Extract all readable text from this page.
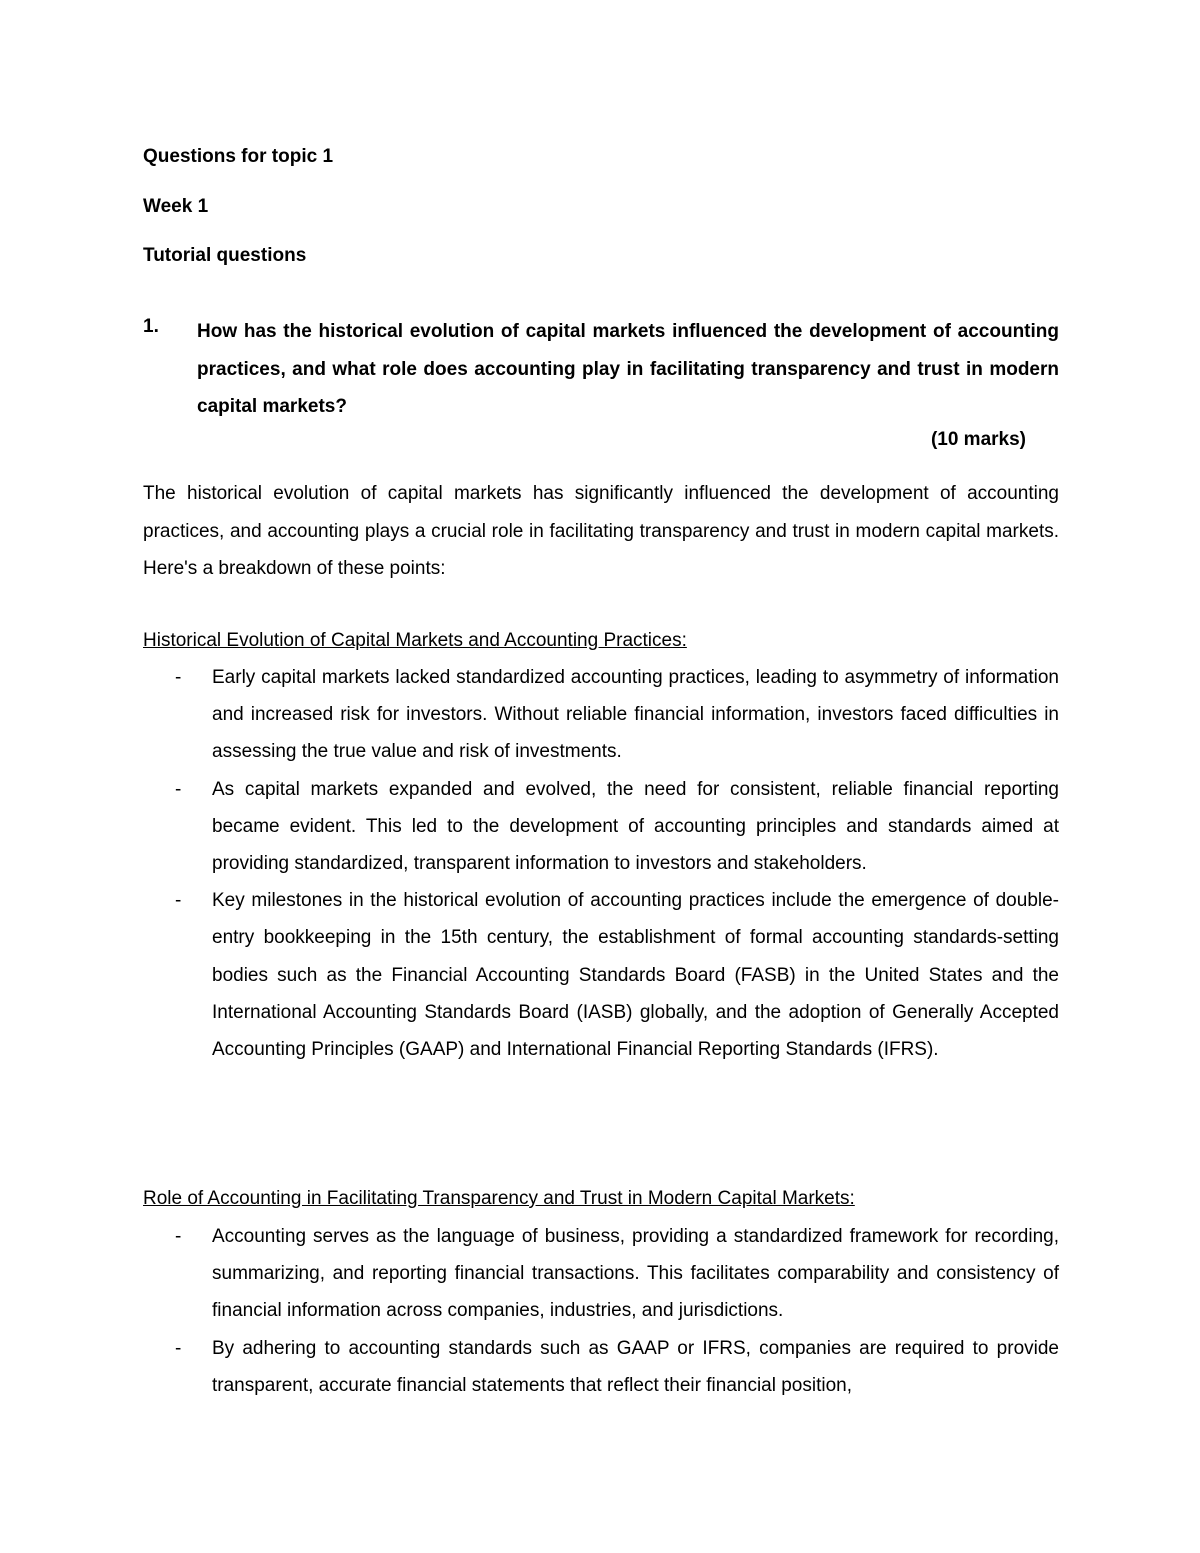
Questions for topic 1
Week 1
Tutorial questions
1. How has the historical evolution of capital markets influenced the development of accounting practices, and what role does accounting play in facilitating transparency and trust in modern capital markets?
(10 marks)
The historical evolution of capital markets has significantly influenced the development of accounting practices, and accounting plays a crucial role in facilitating transparency and trust in modern capital markets. Here's a breakdown of these points:
Historical Evolution of Capital Markets and Accounting Practices:
- Early capital markets lacked standardized accounting practices, leading to asymmetry of information and increased risk for investors. Without reliable financial information, investors faced difficulties in assessing the true value and risk of investments.
- As capital markets expanded and evolved, the need for consistent, reliable financial reporting became evident. This led to the development of accounting principles and standards aimed at providing standardized, transparent information to investors and stakeholders.
- Key milestones in the historical evolution of accounting practices include the emergence of double-entry bookkeeping in the 15th century, the establishment of formal accounting standards-setting bodies such as the Financial Accounting Standards Board (FASB) in the United States and the International Accounting Standards Board (IASB) globally, and the adoption of Generally Accepted Accounting Principles (GAAP) and International Financial Reporting Standards (IFRS).
Role of Accounting in Facilitating Transparency and Trust in Modern Capital Markets:
- Accounting serves as the language of business, providing a standardized framework for recording, summarizing, and reporting financial transactions. This facilitates comparability and consistency of financial information across companies, industries, and jurisdictions.
- By adhering to accounting standards such as GAAP or IFRS, companies are required to provide transparent, accurate financial statements that reflect their financial position,
